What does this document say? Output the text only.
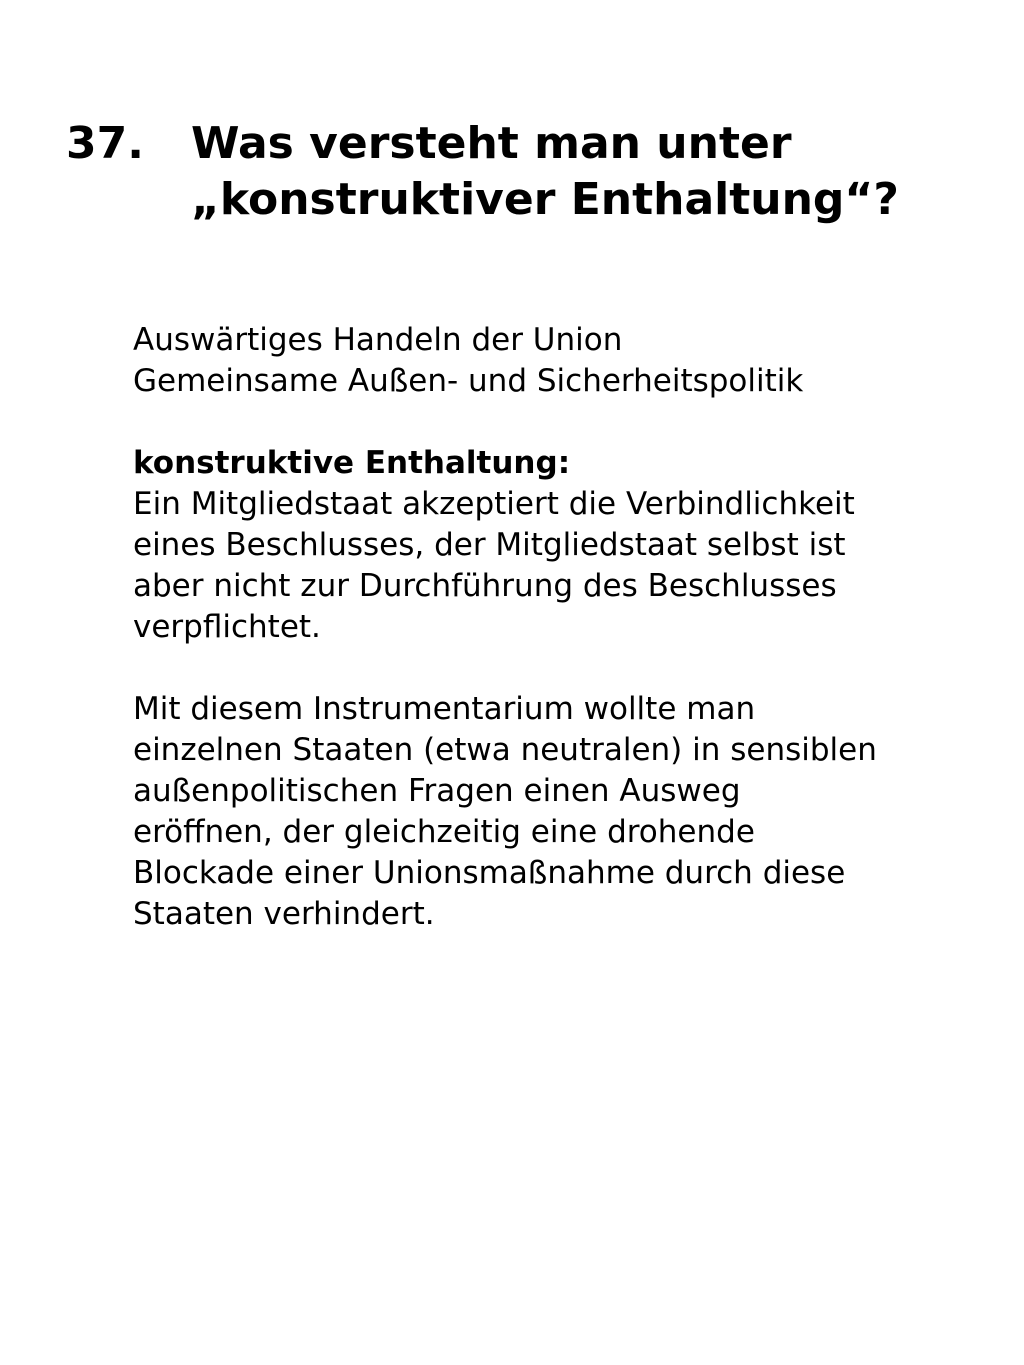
37.	Was versteht man unter
„konstruktiver Enthaltung“?
Auswärtiges Handeln der Union
Gemeinsame Außen- und Sicherheitspolitik
konstruktive Enthaltung:
Ein Mitgliedstaat akzeptiert die Verbindlichkeit
eines Beschlusses, der Mitgliedstaat selbst ist
aber nicht zur Durchführung des Beschlusses
verpflichtet.
Mit diesem Instrumentarium wollte man
einzelnen Staaten (etwa neutralen) in sensiblen
außenpolitischen Fragen einen Ausweg
eröffnen, der gleichzeitig eine drohende
Blockade einer Unionsmaßnahme durch diese
Staaten verhindert.
